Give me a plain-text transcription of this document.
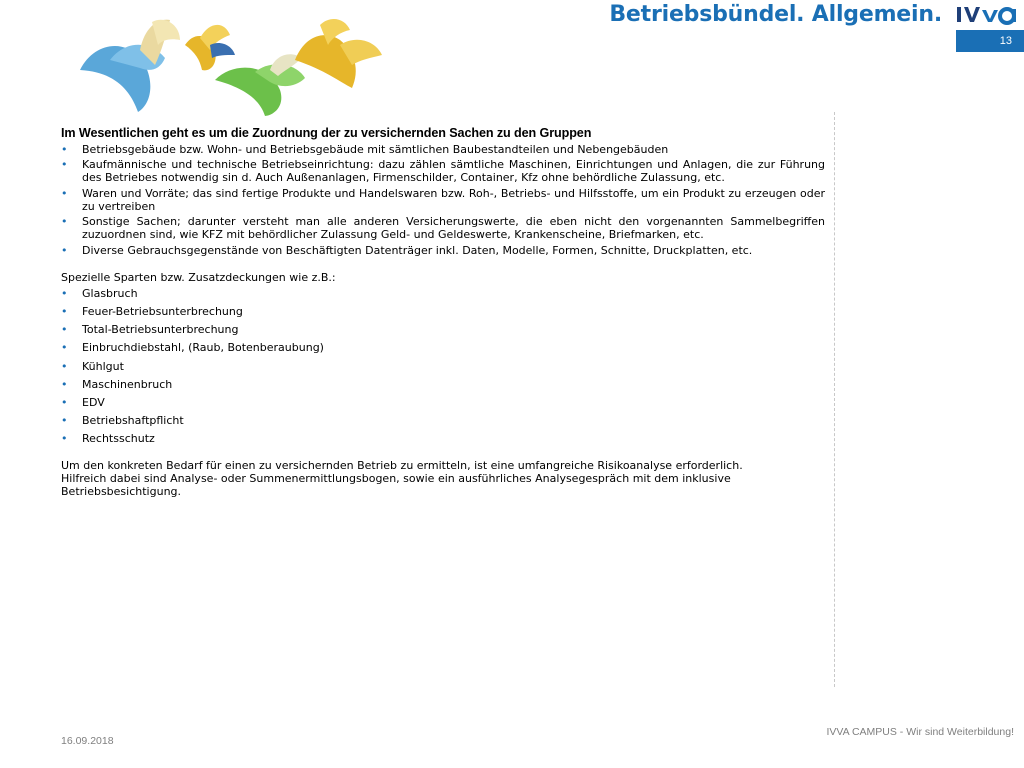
Betriebsbündel. Allgemein.
13
Im Wesentlichen geht es um die Zuordnung der zu versichernden Sachen zu den Gruppen
• Betriebsgebäude bzw. Wohn- und Betriebsgebäude mit sämtlichen Baubestandteilen und Nebengebäuden
• Kaufmännische und technische Betriebseinrichtung: dazu zählen sämtliche Maschinen, Einrichtungen und Anlagen, die zur Führung des Betriebes notwendig sin d. Auch Außenanlagen, Firmenschilder, Container, Kfz ohne behördliche Zulassung, etc.
• Waren und Vorräte; das sind fertige Produkte und Handelswaren bzw. Roh-, Betriebs- und Hilfsstoffe, um ein Produkt zu erzeugen oder zu vertreiben
• Sonstige Sachen; darunter versteht man alle anderen Versicherungswerte, die eben nicht den vorgenannten Sammelbegriffen zuzuordnen sind, wie KFZ mit behördlicher Zulassung Geld- und Geldeswerte, Krankenscheine, Briefmarken, etc.
• Diverse Gebrauchsgegenstände von Beschäftigten Datenträger inkl. Daten, Modelle, Formen, Schnitte, Druckplatten, etc.
Spezielle Sparten bzw. Zusatzdeckungen wie z.B.:
• Glasbruch
• Feuer-Betriebsunterbrechung
• Total-Betriebsunterbrechung
• Einbruchdiebstahl, (Raub, Botenberaubung)
• Kühlgut
• Maschinenbruch
• EDV
• Betriebshaftpflicht
• Rechtsschutz
Um den konkreten Bedarf für einen zu versichernden Betrieb zu ermitteln, ist eine umfangreiche Risikoanalyse erforderlich.
Hilfreich dabei sind Analyse- oder Summenermittlungsbogen, sowie ein ausführliches Analysegespräch mit dem inklusive
Betriebsbesichtigung.
IVVA CAMPUS - Wir sind Weiterbildung!
16.09.2018
